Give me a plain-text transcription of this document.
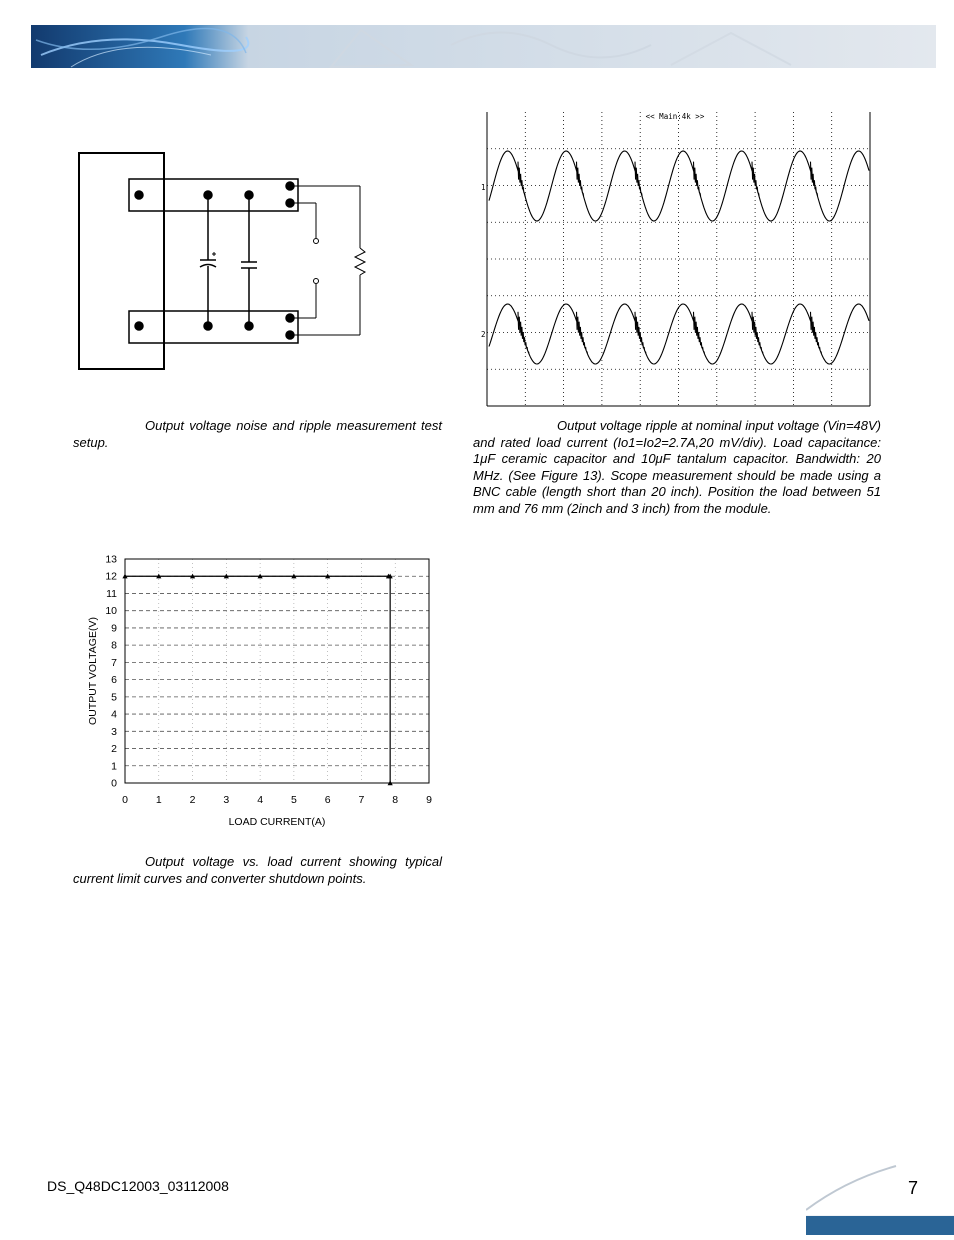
<< Main:4k >>
1
2
Output voltage noise and ripple measurement test setup.
Output voltage ripple at nominal input voltage (Vin=48V) and rated load current (Io1=Io2=2.7A,20 mV/div). Load capacitance: 1μF ceramic capacitor and 10μF tantalum capacitor. Bandwidth: 20 MHz. (See Figure 13). Scope measurement should be made using a BNC cable (length short than 20 inch). Position the load between 51 mm and 76 mm (2inch and 3 inch) from the module.
0
1
2
3
4
5
6
7
8
9
10
11
12
13
0	1	2	3	4	5	6	7	8	9
LOAD CURRENT(A)
OUTPUT VOLTAGE(V)
Output voltage vs. load current showing typical current limit curves and converter shutdown points.
DS_Q48DC12003_03112008	7
